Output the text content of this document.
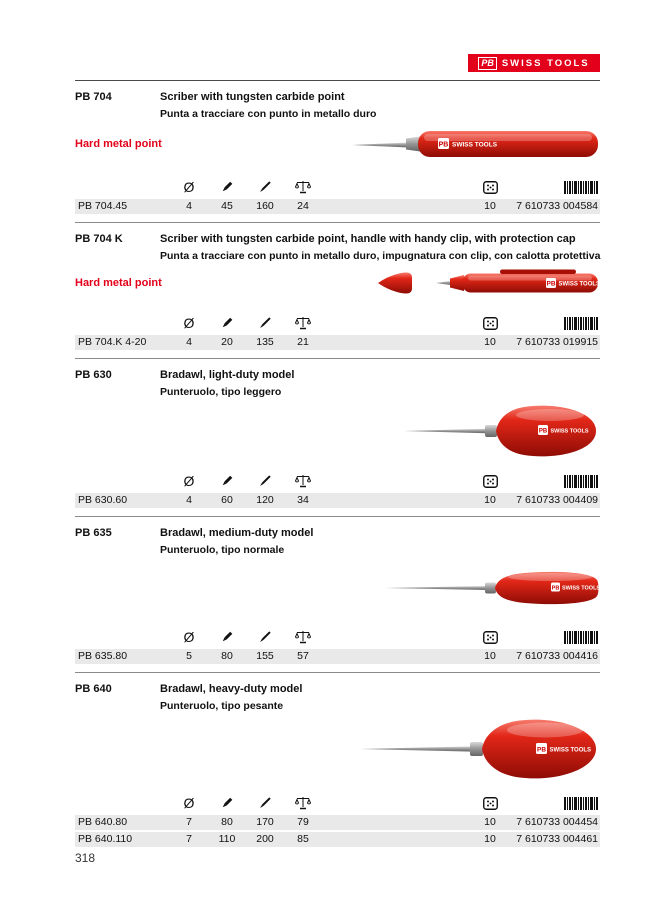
PB SWISS TOOLS
PB 704	Scriber with tungsten carbide point
Punta a tracciare con punto in metallo duro
Hard metal point	PB SWISS TOOLS
Ø
PB 704.45	4	45	160	24	10	7 610733 004584
PB 704 K	Scriber with tungsten carbide point, handle with handy clip, with protection cap
Punta a tracciare con punto in metallo duro, impugnatura con clip, con calotta protettiva
Hard metal point	PB SWISS TOOLS
Ø
PB 704.K 4-20	4	20	135	21	10	7 610733 019915
PB 630	Bradawl, light-duty model
Punteruolo, tipo leggero
PB SWISS TOOLS
Ø
PB 630.60	4	60	120	34	10	7 610733 004409
PB 635	Bradawl, medium-duty model
Punteruolo, tipo normale
PB SWISS TOOLS
Ø
PB 635.80	5	80	155	57	10	7 610733 004416
PB 640	Bradawl, heavy-duty model
Punteruolo, tipo pesante
PB SWISS TOOLS
Ø
PB 640.80	7	80	170	79	10	7 610733 004454
PB 640.110	7	110	200	85	10	7 610733 004461
318
